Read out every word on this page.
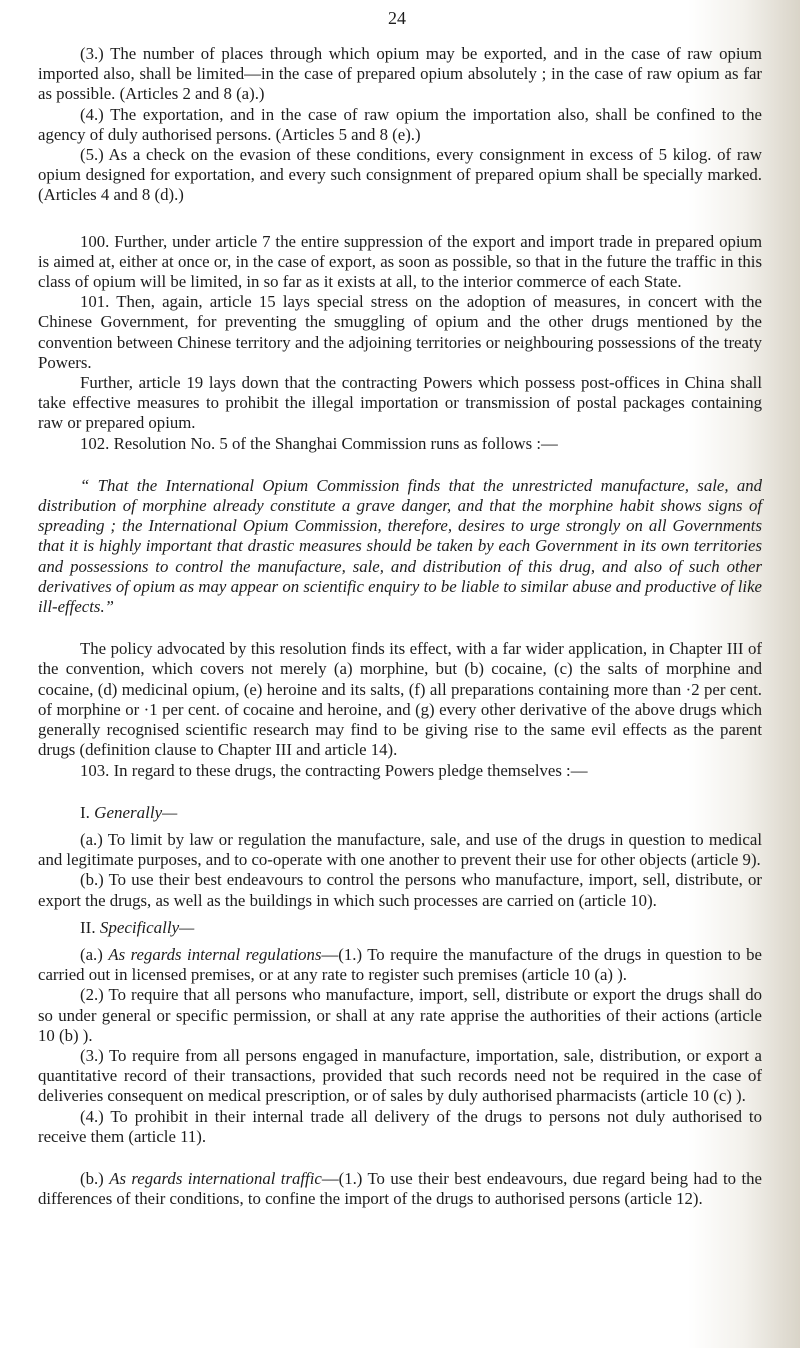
24

(3.) The number of places through which opium may be exported, and in the case of raw opium imported also, shall be limited—in the case of prepared opium absolutely ; in the case of raw opium as far as possible. (Articles 2 and 8 (a).)

(4.) The exportation, and in the case of raw opium the importation also, shall be confined to the agency of duly authorised persons. (Articles 5 and 8 (e).)

(5.) As a check on the evasion of these conditions, every consignment in excess of 5 kilog. of raw opium designed for exportation, and every such consignment of prepared opium shall be specially marked. (Articles 4 and 8 (d).)

100. Further, under article 7 the entire suppression of the export and import trade in prepared opium is aimed at, either at once or, in the case of export, as soon as possible, so that in the future the traffic in this class of opium will be limited, in so far as it exists at all, to the interior commerce of each State.

101. Then, again, article 15 lays special stress on the adoption of measures, in concert with the Chinese Government, for preventing the smuggling of opium and the other drugs mentioned by the convention between Chinese territory and the adjoining territories or neighbouring possessions of the treaty Powers.

Further, article 19 lays down that the contracting Powers which possess post-offices in China shall take effective measures to prohibit the illegal importation or transmission of postal packages containing raw or prepared opium.

102. Resolution No. 5 of the Shanghai Commission runs as follows :—

“ That the International Opium Commission finds that the unrestricted manufacture, sale, and distribution of morphine already constitute a grave danger, and that the morphine habit shows signs of spreading ; the International Opium Commission, therefore, desires to urge strongly on all Governments that it is highly important that drastic measures should be taken by each Government in its own territories and possessions to control the manufacture, sale, and distribution of this drug, and also of such other derivatives of opium as may appear on scientific enquiry to be liable to similar abuse and productive of like ill-effects.”

The policy advocated by this resolution finds its effect, with a far wider application, in Chapter III of the convention, which covers not merely (a) morphine, but (b) cocaine, (c) the salts of morphine and cocaine, (d) medicinal opium, (e) heroine and its salts, (f) all preparations containing more than ·2 per cent. of morphine or ·1 per cent. of cocaine and heroine, and (g) every other derivative of the above drugs which generally recognised scientific research may find to be giving rise to the same evil effects as the parent drugs (definition clause to Chapter III and article 14).

103. In regard to these drugs, the contracting Powers pledge themselves :—

I. Generally—

(a.) To limit by law or regulation the manufacture, sale, and use of the drugs in question to medical and legitimate purposes, and to co-operate with one another to prevent their use for other objects (article 9).

(b.) To use their best endeavours to control the persons who manufacture, import, sell, distribute, or export the drugs, as well as the buildings in which such processes are carried on (article 10).

II. Specifically—

(a.) As regards internal regulations—(1.) To require the manufacture of the drugs in question to be carried out in licensed premises, or at any rate to register such premises (article 10 (a) ).

(2.) To require that all persons who manufacture, import, sell, distribute or export the drugs shall do so under general or specific permission, or shall at any rate apprise the authorities of their actions (article 10 (b) ).

(3.) To require from all persons engaged in manufacture, importation, sale, distribution, or export a quantitative record of their transactions, provided that such records need not be required in the case of deliveries consequent on medical prescription, or of sales by duly authorised pharmacists (article 10 (c) ).

(4.) To prohibit in their internal trade all delivery of the drugs to persons not duly authorised to receive them (article 11).

(b.) As regards international traffic—(1.) To use their best endeavours, due regard being had to the differences of their conditions, to confine the import of the drugs to authorised persons (article 12).
